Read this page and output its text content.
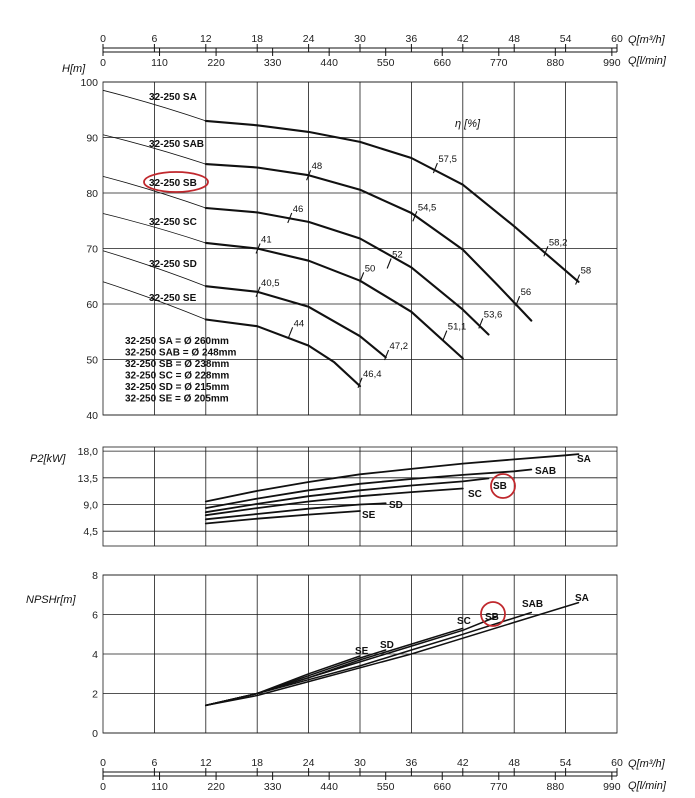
Q[m³/h]
Q[l/min]
0	6	12	18	24	30	36	42	48	54	60
0	110	220	330	440	550	660	770	880	990
Q[m³/h]
Q[l/min]
0	6	12	18	24	30	36	42	48	54	60
0	110	220	330	440	550	660	770	880	990
H[m]
η [%]
40
50
60
70
80
90
100
32-250 SA
32-250 SAB
32-250 SB
32-250 SC
32-250 SD
32-250 SE
48
57,5
46	54,5
58,2
41
52
58
40,5
50
56
53,6
44	51,1
47,2
46,4
32-250 SA = Ø 260mm
32-250 SAB = Ø 248mm
32-250 SB = Ø 238mm
32-250 SC = Ø 228mm
32-250 SD = Ø 215mm
32-250 SE = Ø 205mm
P2[kW]
4,5
9,0
13,5
18,0
SA
SAB
SB
SC
SD
SE
NPSHr[m]
0
2
4
6
8
SA
SAB
SB
SC
SD
SE
